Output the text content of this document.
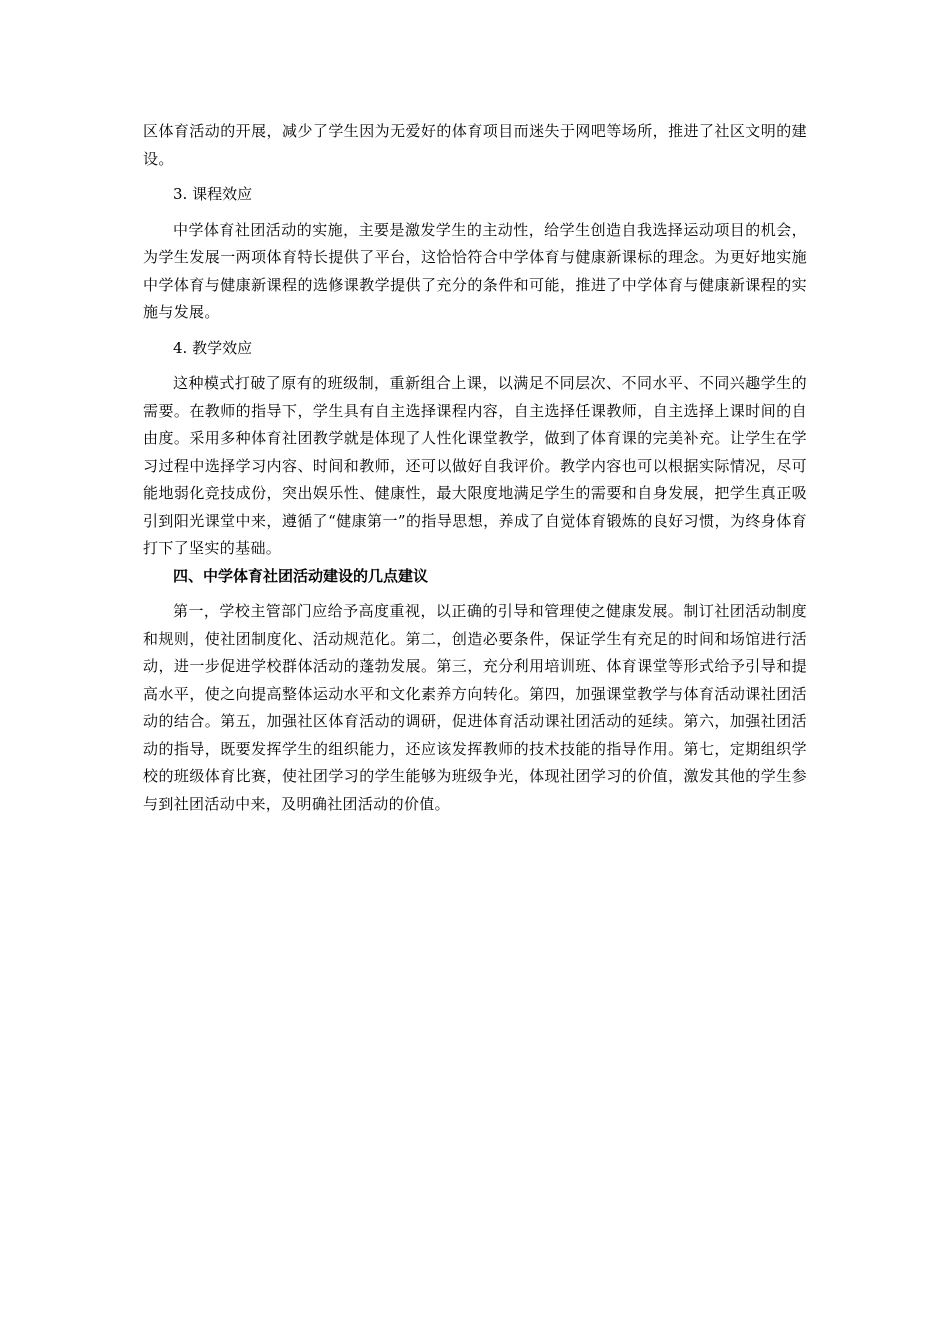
区体育活动的开展，减少了学生因为无爱好的体育项目而迷失于网吧等场所，推进了社区文明的建设。

3. 课程效应

中学体育社团活动的实施，主要是激发学生的主动性，给学生创造自我选择运动项目的机会，为学生发展一两项体育特长提供了平台，这恰恰符合中学体育与健康新课标的理念。为更好地实施中学体育与健康新课程的选修课教学提供了充分的条件和可能，推进了中学体育与健康新课程的实施与发展。

4. 教学效应

这种模式打破了原有的班级制，重新组合上课，以满足不同层次、不同水平、不同兴趣学生的需要。在教师的指导下，学生具有自主选择课程内容，自主选择任课教师，自主选择上课时间的自由度。采用多种体育社团教学就是体现了人性化课堂教学，做到了体育课的完美补充。让学生在学习过程中选择学习内容、时间和教师，还可以做好自我评价。教学内容也可以根据实际情况，尽可能地弱化竞技成份，突出娱乐性、健康性，最大限度地满足学生的需要和自身发展，把学生真正吸引到阳光课堂中来，遵循了“健康第一”的指导思想，养成了自觉体育锻炼的良好习惯，为终身体育打下了坚实的基础。

四、中学体育社团活动建设的几点建议

第一，学校主管部门应给予高度重视，以正确的引导和管理使之健康发展。制订社团活动制度和规则，使社团制度化、活动规范化。第二，创造必要条件，保证学生有充足的时间和场馆进行活动，进一步促进学校群体活动的蓬勃发展。第三，充分利用培训班、体育课堂等形式给予引导和提高水平，使之向提高整体运动水平和文化素养方向转化。第四，加强课堂教学与体育活动课社团活动的结合。第五，加强社区体育活动的调研，促进体育活动课社团活动的延续。第六，加强社团活动的指导，既要发挥学生的组织能力，还应该发挥教师的技术技能的指导作用。第七，定期组织学校的班级体育比赛，使社团学习的学生能够为班级争光，体现社团学习的价值，激发其他的学生参与到社团活动中来，及明确社团活动的价值。
